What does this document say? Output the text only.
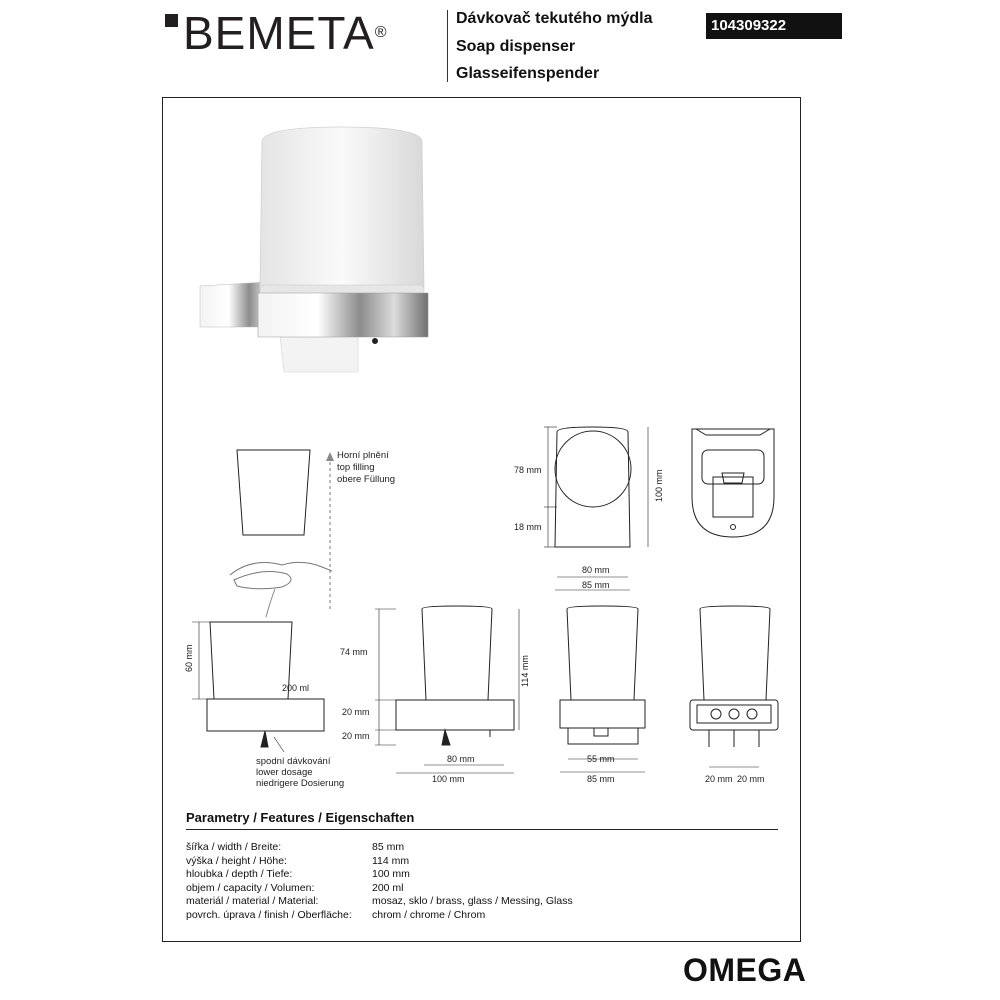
BEMETA®
Dávkovač tekutého mýdla
Soap dispenser
Glasseifenspender
104309322
Horní plnění
top filling
obere Füllung
200 ml
60 mm
spodní dávkování
lower dosage
niedrigere Dosierung
74 mm
20 mm
20 mm
114 mm
80 mm
100 mm
55 mm
85 mm	20 mm 20 mm
78 mm
18 mm
100 mm
80 mm
85 mm
Parametry / Features / Eigenschaften
šířka / width / Breite:	85 mm
výška / height / Höhe:	114 mm
hloubka / depth / Tiefe:	100 mm
objem / capacity / Volumen:	200 ml
materiál / material / Material:	mosaz, sklo / brass, glass / Messing, Glass
povrch. úprava / finish / Oberfläche:	chrom / chrome / Chrom
OMEGA
